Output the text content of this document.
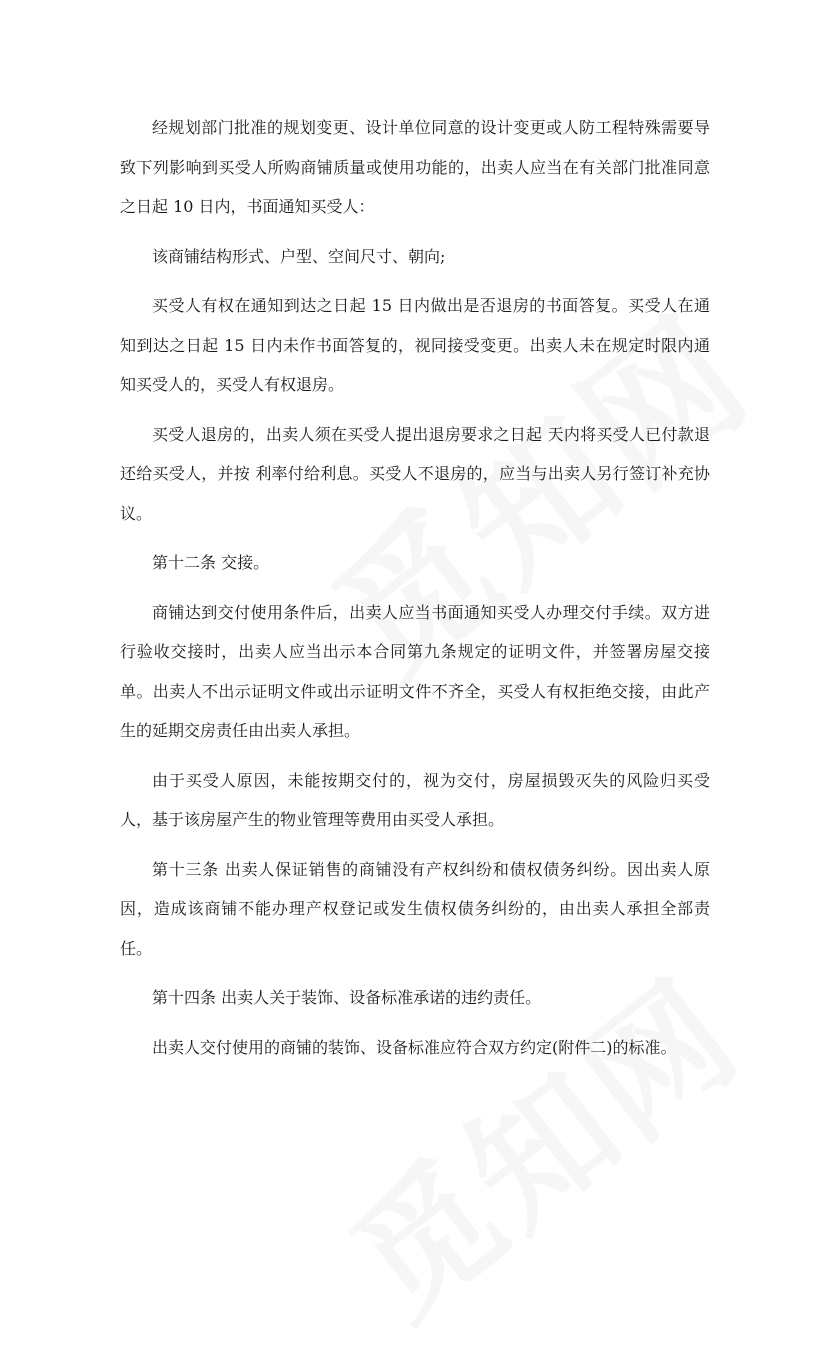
经规划部门批准的规划变更、设计单位同意的设计变更或人防工程特殊需要导致下列影响到买受人所购商铺质量或使用功能的，出卖人应当在有关部门批准同意之日起 10 日内，书面通知买受人：

该商铺结构形式、户型、空间尺寸、朝向;

买受人有权在通知到达之日起 15 日内做出是否退房的书面答复。买受人在通知到达之日起 15 日内未作书面答复的，视同接受变更。出卖人未在规定时限内通知买受人的，买受人有权退房。

买受人退房的，出卖人须在买受人提出退房要求之日起 天内将买受人已付款退还给买受人，并按 利率付给利息。买受人不退房的，应当与出卖人另行签订补充协议。

第十二条 交接。

商铺达到交付使用条件后，出卖人应当书面通知买受人办理交付手续。双方进行验收交接时，出卖人应当出示本合同第九条规定的证明文件，并签署房屋交接单。出卖人不出示证明文件或出示证明文件不齐全，买受人有权拒绝交接，由此产生的延期交房责任由出卖人承担。

由于买受人原因，未能按期交付的，视为交付，房屋损毁灭失的风险归买受人，基于该房屋产生的物业管理等费用由买受人承担。

第十三条 出卖人保证销售的商铺没有产权纠纷和债权债务纠纷。因出卖人原因，造成该商铺不能办理产权登记或发生债权债务纠纷的，由出卖人承担全部责任。

第十四条 出卖人关于装饰、设备标准承诺的违约责任。

出卖人交付使用的商铺的装饰、设备标准应符合双方约定(附件二)的标准。
